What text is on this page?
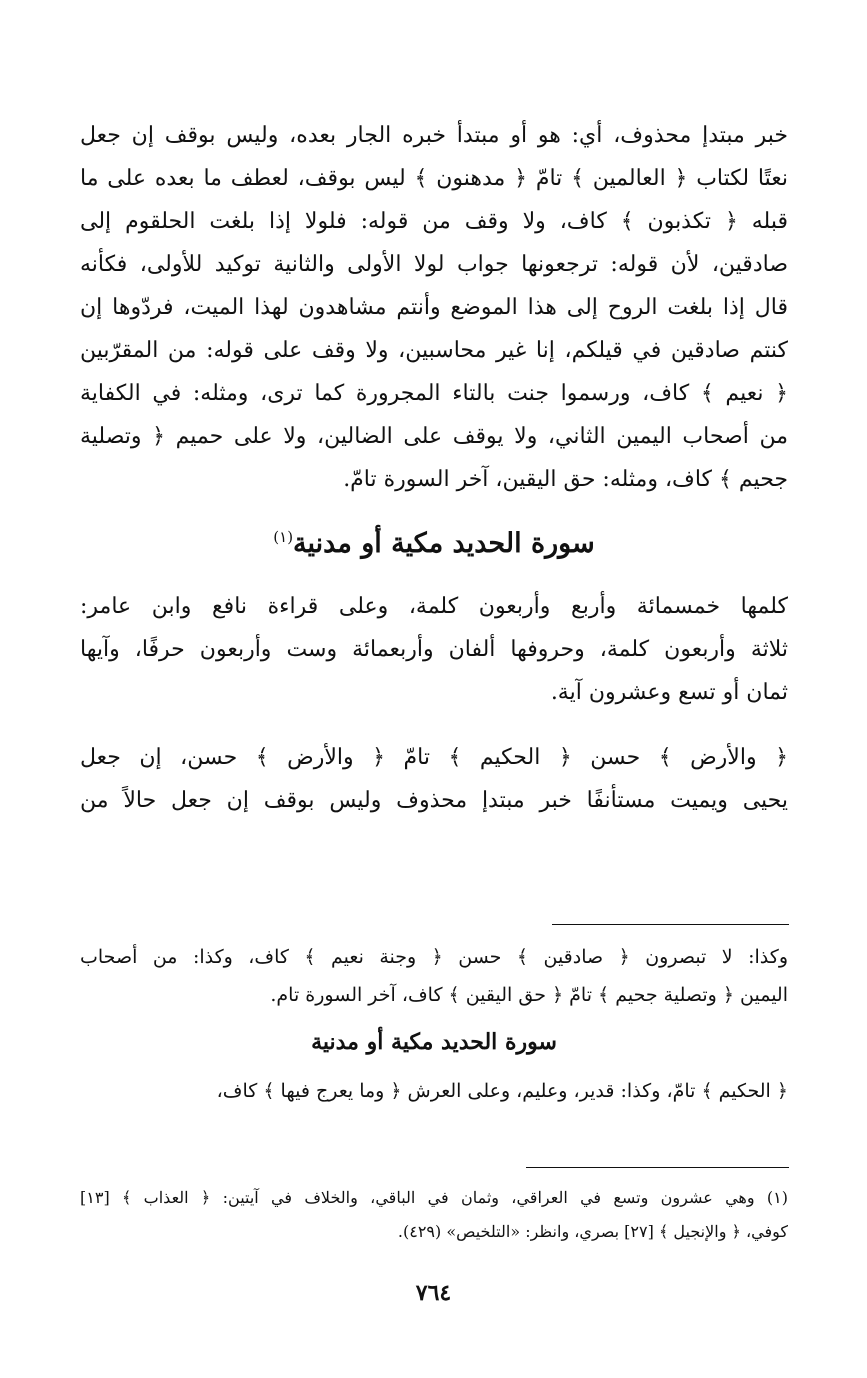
خبر مبتدإ محذوف، أي: هو أو مبتدأ خبره الجار بعده، وليس بوقف إن جعل
نعتًا لكتاب ﴿ العالمين ﴾ تامّ ﴿ مدهنون ﴾ ليس بوقف، لعطف ما بعده على ما
قبله ﴿ تكذبون ﴾ كاف، ولا وقف من قوله: فلولا إذا بلغت الحلقوم إلى
صادقين، لأن قوله: ترجعونها جواب لولا الأولى والثانية توكيد للأولى، فكأنه
قال إذا بلغت الروح إلى هذا الموضع وأنتم مشاهدون لهذا الميت، فردّوها إن
كنتم صادقين في قيلكم، إنا غير محاسبين، ولا وقف على قوله: من المقرّبين
﴿ نعيم ﴾ كاف، ورسموا جنت بالتاء المجرورة كما ترى، ومثله: في الكفاية
من أصحاب اليمين الثاني، ولا يوقف على الضالين، ولا على حميم ﴿ وتصلية
جحيم ﴾ كاف، ومثله: حق اليقين، آخر السورة تامّ.
سورة الحديد مكية أو مدنية$^{(١)}$
كلمها خمسمائة وأربع وأربعون كلمة، وعلى قراءة نافع وابن عامر:
ثلاثة وأربعون كلمة، وحروفها ألفان وأربعمائة وست وأربعون حرفًا، وآيها
ثمان أو تسع وعشرون آية.
﴿ والأرض ﴾ حسن ﴿ الحكيم ﴾ تامّ ﴿ والأرض ﴾ حسن، إن جعل
يحيى ويميت مستأنفًا خبر مبتدإ محذوف وليس بوقف إن جعل حالاً من
وكذا: لا تبصرون ﴿ صادقين ﴾ حسن ﴿ وجنة نعيم ﴾ كاف، وكذا: من أصحاب
اليمين ﴿ وتصلية جحيم ﴾ تامّ ﴿ حق اليقين ﴾ كاف، آخر السورة تام.
سورة الحديد مكية أو مدنية
﴿ الحكيم ﴾ تامّ، وكذا: قدير، وعليم، وعلى العرش ﴿ وما يعرج فيها ﴾ كاف،
(١) وهي عشرون وتسع في العراقي، وثمان في الباقي، والخلاف في آيتين: ﴿ العذاب ﴾ [١٣]
كوفي، ﴿ والإنجيل ﴾ [٢٧] بصري، وانظر: «التلخيص» (٤٢٩).
٧٦٤
